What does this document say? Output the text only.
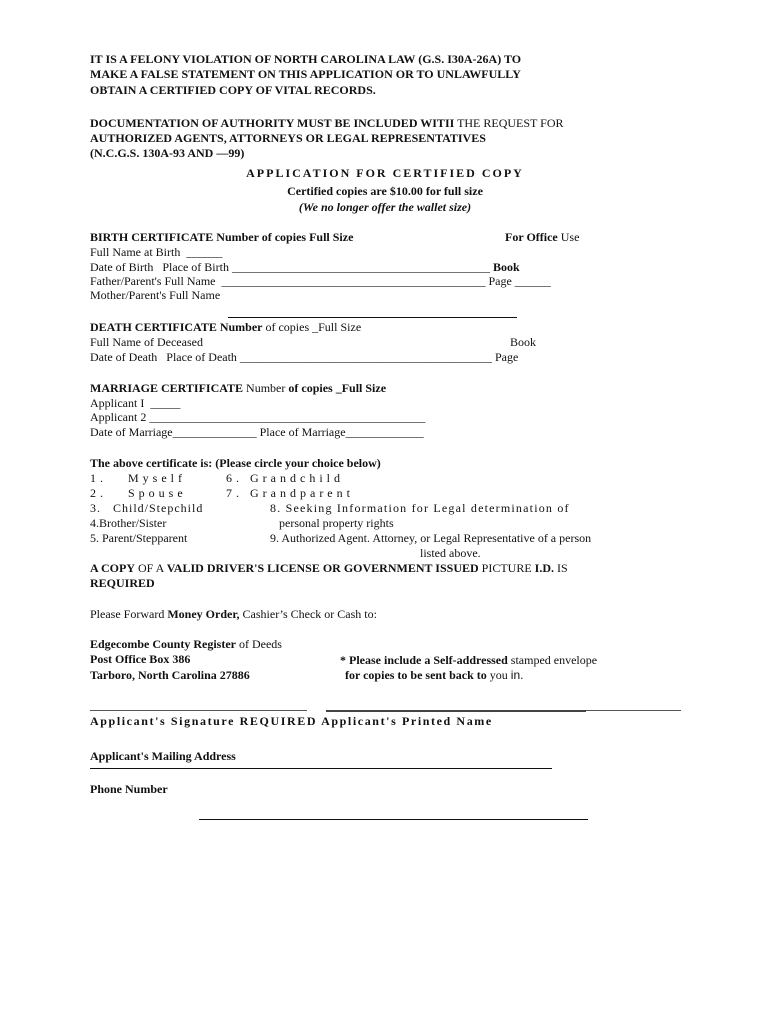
IT IS A FELONY VIOLATION OF NORTH CAROLINA LAW (G.S. I30A-26A) TO
MAKE A FALSE STATEMENT ON THIS APPLICATION OR TO UNLAWFULLY
OBTAIN A CERTIFIED COPY OF VITAL RECORDS.
DOCUMENTATION OF AUTHORITY MUST BE INCLUDED WITII THE REQUEST FOR
AUTHORIZED AGENTS, ATTORNEYS OR LEGAL REPRESENTATIVES
(N.C.G.S. 130A-93 AND —99)
APPLICATION FOR CERTIFIED COPY
Certified copies are $10.00 for full size
(We no longer offer the wallet size)
BIRTH CERTIFICATE Number of copies Full Size	For Office Use
Full Name at Birth  ______
Date of Birth   Place of Birth ___________________________________________ Book
Father/Parent's Full Name  ____________________________________________ Page ______
Mother/Parent's Full Name
DEATH CERTIFICATE Number of copies _Full Size
Full Name of Deceased	Book
Date of Death   Place of Death __________________________________________ Page
MARRIAGE CERTIFICATE Number of copies _Full Size
Applicant I  _____
Applicant 2 ______________________________________________
Date of Marriage______________ Place of Marriage_____________
The above certificate is: (Please circle your choice below)
1.   Myself	6. Grandchild
2.   Spouse	7. Grandparent
3.   Child/Stepchild	8. Seeking Information for Legal determination of
4.Brother/Sister	personal property rights
5. Parent/Stepparent	9. Authorized Agent. Attorney, or Legal Representative of a person
listed above.
A COPY OF A VALID DRIVER'S LICENSE OR GOVERNMENT ISSUED PICTURE I.D. IS
REQUIRED
Please Forward Money Order, Cashier’s Check or Cash to:
Edgecombe County Register of Deeds
Post Office Box 386
Tarboro, North Carolina 27886
* Please include a Self-addressed stamped envelope
for copies to be sent back to you in.
Applicant's Signature REQUIRED Applicant's Printed Name
Applicant's Mailing Address
Phone Number
